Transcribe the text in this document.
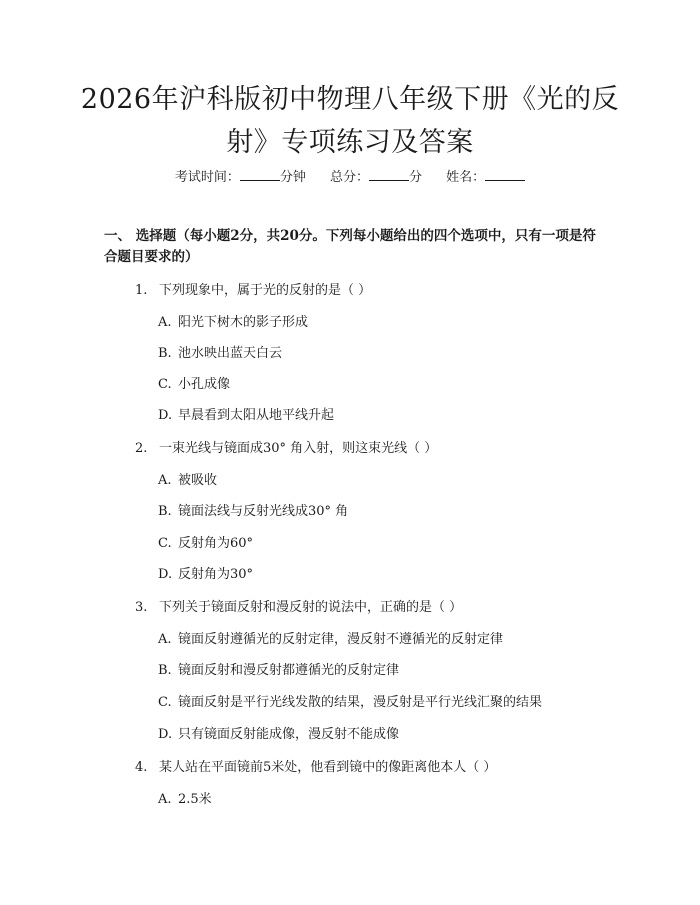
2026年沪科版初中物理八年级下册《光的反射》专项练习及答案
考试时间：	分钟 总分：	分 姓名：
一、 选择题（每小题2分，共20分。下列每小题给出的四个选项中，只有一项是符合题目要求的）
1. 下列现象中，属于光的反射的是（ ）
A. 阳光下树木的影子形成
B. 池水映出蓝天白云
C. 小孔成像
D. 早晨看到太阳从地平线升起
2. 一束光线与镜面成30° 角入射，则这束光线（ ）
A. 被吸收
B. 镜面法线与反射光线成30° 角
C. 反射角为60°
D. 反射角为30°
3. 下列关于镜面反射和漫反射的说法中，正确的是（ ）
A. 镜面反射遵循光的反射定律，漫反射不遵循光的反射定律
B. 镜面反射和漫反射都遵循光的反射定律
C. 镜面反射是平行光线发散的结果，漫反射是平行光线汇聚的结果
D. 只有镜面反射能成像，漫反射不能成像
4. 某人站在平面镜前5米处，他看到镜中的像距离他本人（ ）
A. 2.5米
